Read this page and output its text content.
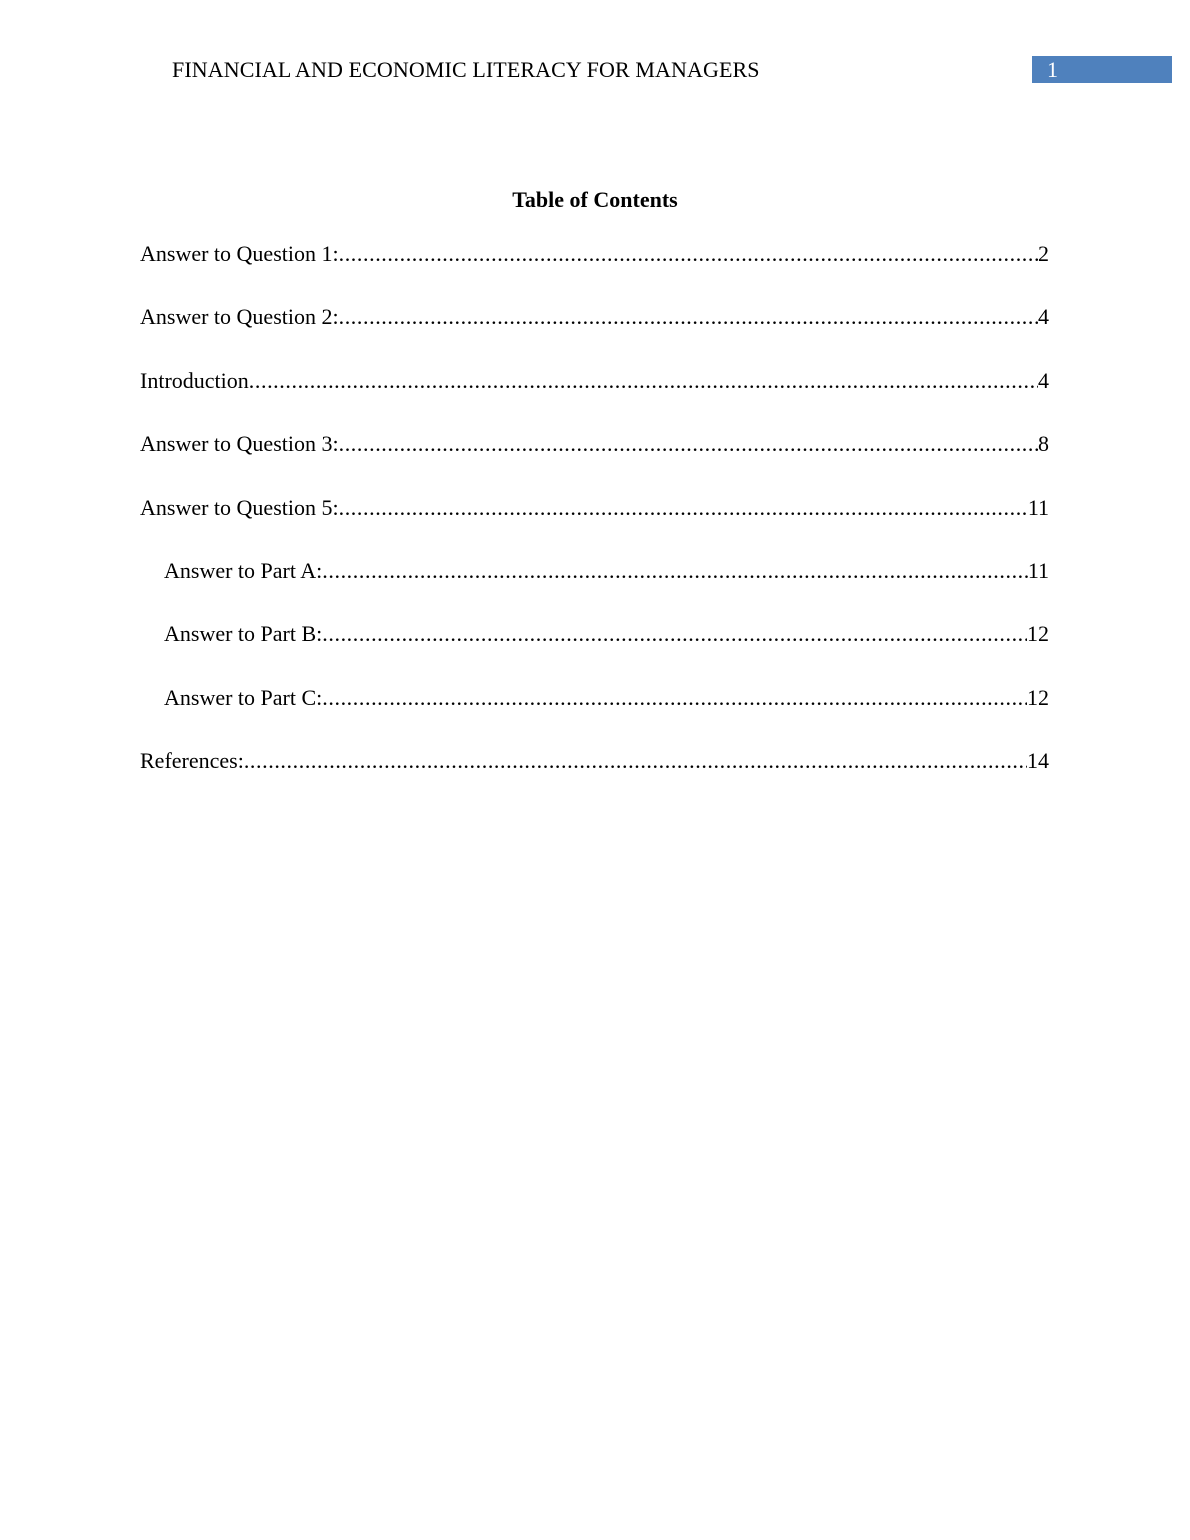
FINANCIAL AND ECONOMIC LITERACY FOR MANAGERS	1
Table of Contents
Answer to Question 1: .....	2
Answer to Question 2: .....	4
Introduction .....	4
Answer to Question 3: .....	8
Answer to Question 5: .....	11
Answer to Part A: .....	11
Answer to Part B: .....	12
Answer to Part C: .....	12
References: .....	14
